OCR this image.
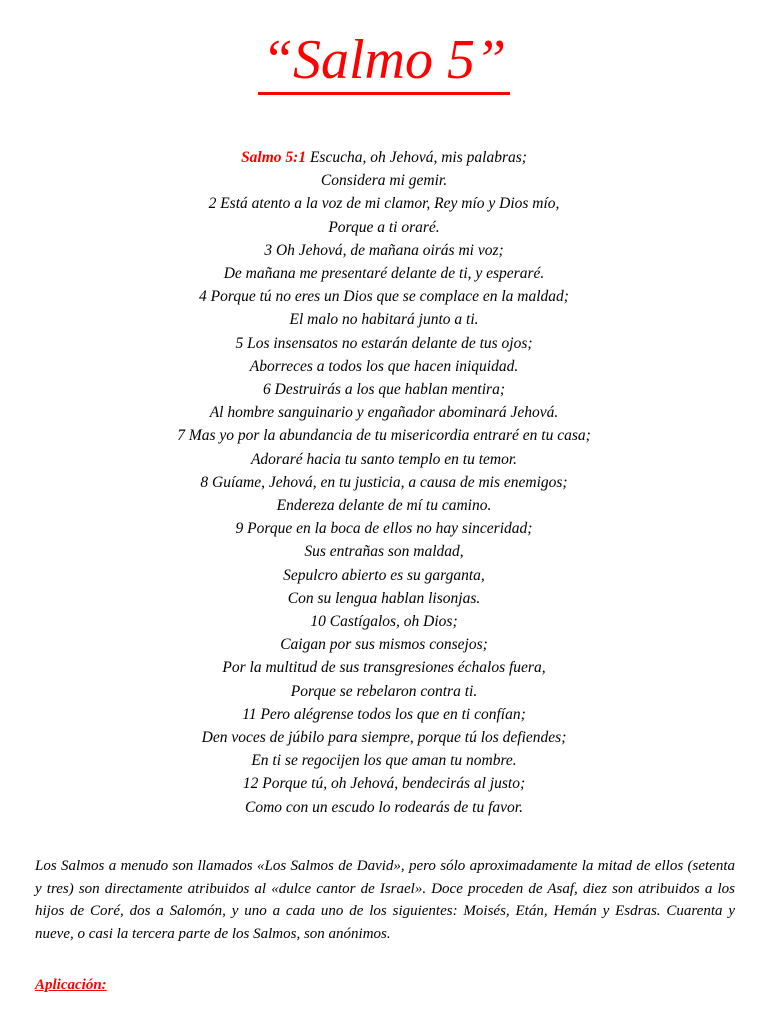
“Salmo 5”
Salmo 5:1 Escucha, oh Jehová, mis palabras;
Considera mi gemir.
2 Está atento a la voz de mi clamor, Rey mío y Dios mío,
Porque a ti oraré.
3 Oh Jehová, de mañana oirás mi voz;
De mañana me presentaré delante de ti, y esperaré.
4 Porque tú no eres un Dios que se complace en la maldad;
El malo no habitará junto a ti.
5 Los insensatos no estarán delante de tus ojos;
Aborreces a todos los que hacen iniquidad.
6 Destruirás a los que hablan mentira;
Al hombre sanguinario y engañador abominará Jehová.
7 Mas yo por la abundancia de tu misericordia entraré en tu casa;
Adoraré hacia tu santo templo en tu temor.
8 Guíame, Jehová, en tu justicia, a causa de mis enemigos;
Endereza delante de mí tu camino.
9 Porque en la boca de ellos no hay sinceridad;
Sus entrañas son maldad,
Sepulcro abierto es su garganta,
Con su lengua hablan lisonjas.
10 Castígalos, oh Dios;
Caigan por sus mismos consejos;
Por la multitud de sus transgresiones échalos fuera,
Porque se rebelaron contra ti.
11 Pero alégrense todos los que en ti confían;
Den voces de júbilo para siempre, porque tú los defiendes;
En ti se regocijen los que aman tu nombre.
12 Porque tú, oh Jehová, bendecirás al justo;
Como con un escudo lo rodearás de tu favor.

Los Salmos a menudo son llamados «Los Salmos de David», pero sólo aproximadamente la mitad de ellos (setenta y tres) son directamente atribuidos al «dulce cantor de Israel». Doce proceden de Asaf, diez son atribuidos a los hijos de Coré, dos a Salomón, y uno a cada uno de los siguientes: Moisés, Etán, Hemán y Esdras. Cuarenta y nueve, o casi la tercera parte de los Salmos, son anónimos.

Aplicación:
